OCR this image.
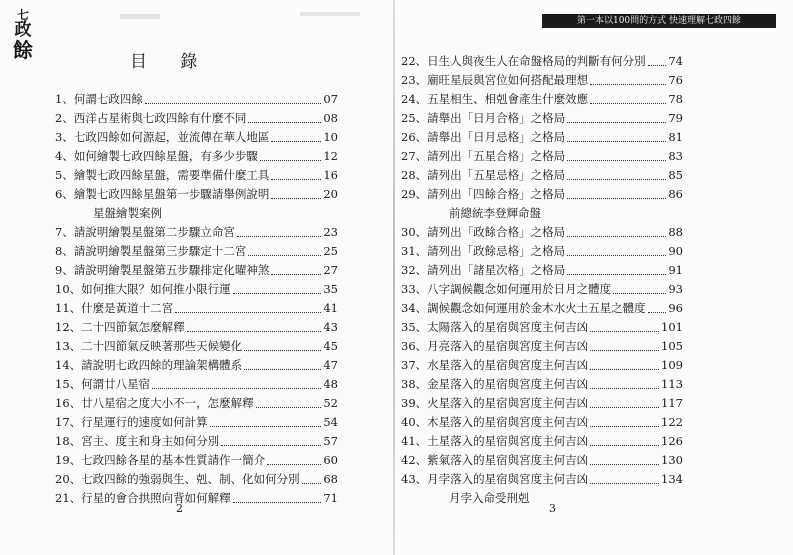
七
政
餘	目 錄
1、何謂七政四餘	07
2、西洋占星術與七政四餘有什麼不同	08
3、七政四餘如何源起，並流傳在華人地區	10
4、如何繪製七政四餘星盤，有多少步驟	12
5、繪製七政四餘星盤，需要準備什麼工具	16
6、繪製七政四餘星盤第一步驟請舉例說明	20
星盤繪製案例
7、請說明繪製星盤第二步驟立命宮	23
8、請說明繪製星盤第三步驟定十二宮	25
9、請說明繪製星盤第五步驟排定化曜神煞	27
10、如何推大限？如何推小限行運	35
11、什麼是黃道十二宮	41
12、二十四節氣怎麼解釋	43
13、二十四節氣反映著那些天候變化	45
14、請說明七政四餘的理論架構體系	47
15、何謂廿八星宿	48
16、廿八星宿之度大小不一，怎麼解釋	52
17、行星運行的速度如何計算	54
18、宮主、度主和身主如何分別	57
19、七政四餘各星的基本性質請作一簡介	60
20、七政四餘的強弱與生、剋、制、化如何分別 68
21、行星的會合拱照向背如何解釋	71
2
第一本以100問的方式 快速理解七政四餘
22、日生人與夜生人在命盤格局的判斷有何分別 74
23、廟旺星辰與宮位如何搭配最理想	76
24、五星相生、相剋會產生什麼效應	78
25、請舉出「日月合格」之格局	79
26、請舉出「日月忌格」之格局	81
27、請列出「五星合格」之格局	83
28、請列出「五星忌格」之格局	85
29、請列出「四餘合格」之格局	86
前總統李登輝命盤
30、請列出「政餘合格」之格局	88
31、請列出「政餘忌格」之格局	90
32、請列出「諸星次格」之格局	91
33、八字調候觀念如何運用於日月之體度	93
34、調候觀念如何運用於金木水火土五星之體度 96
35、太陽落入的星宿與宮度主何吉凶	101
36、月亮落入的星宿與宮度主何吉凶	105
37、水星落入的星宿與宮度主何吉凶	109
38、金星落入的星宿與宮度主何吉凶	113
39、火星落入的星宿與宮度主何吉凶	117
40、木星落入的星宿與宮度主何吉凶	122
41、土星落入的星宿與宮度主何吉凶	126
42、紫氣落入的星宿與宮度主何吉凶	130
43、月孛落入的星宿與宮度主何吉凶	134
月孛入命受刑剋
3
